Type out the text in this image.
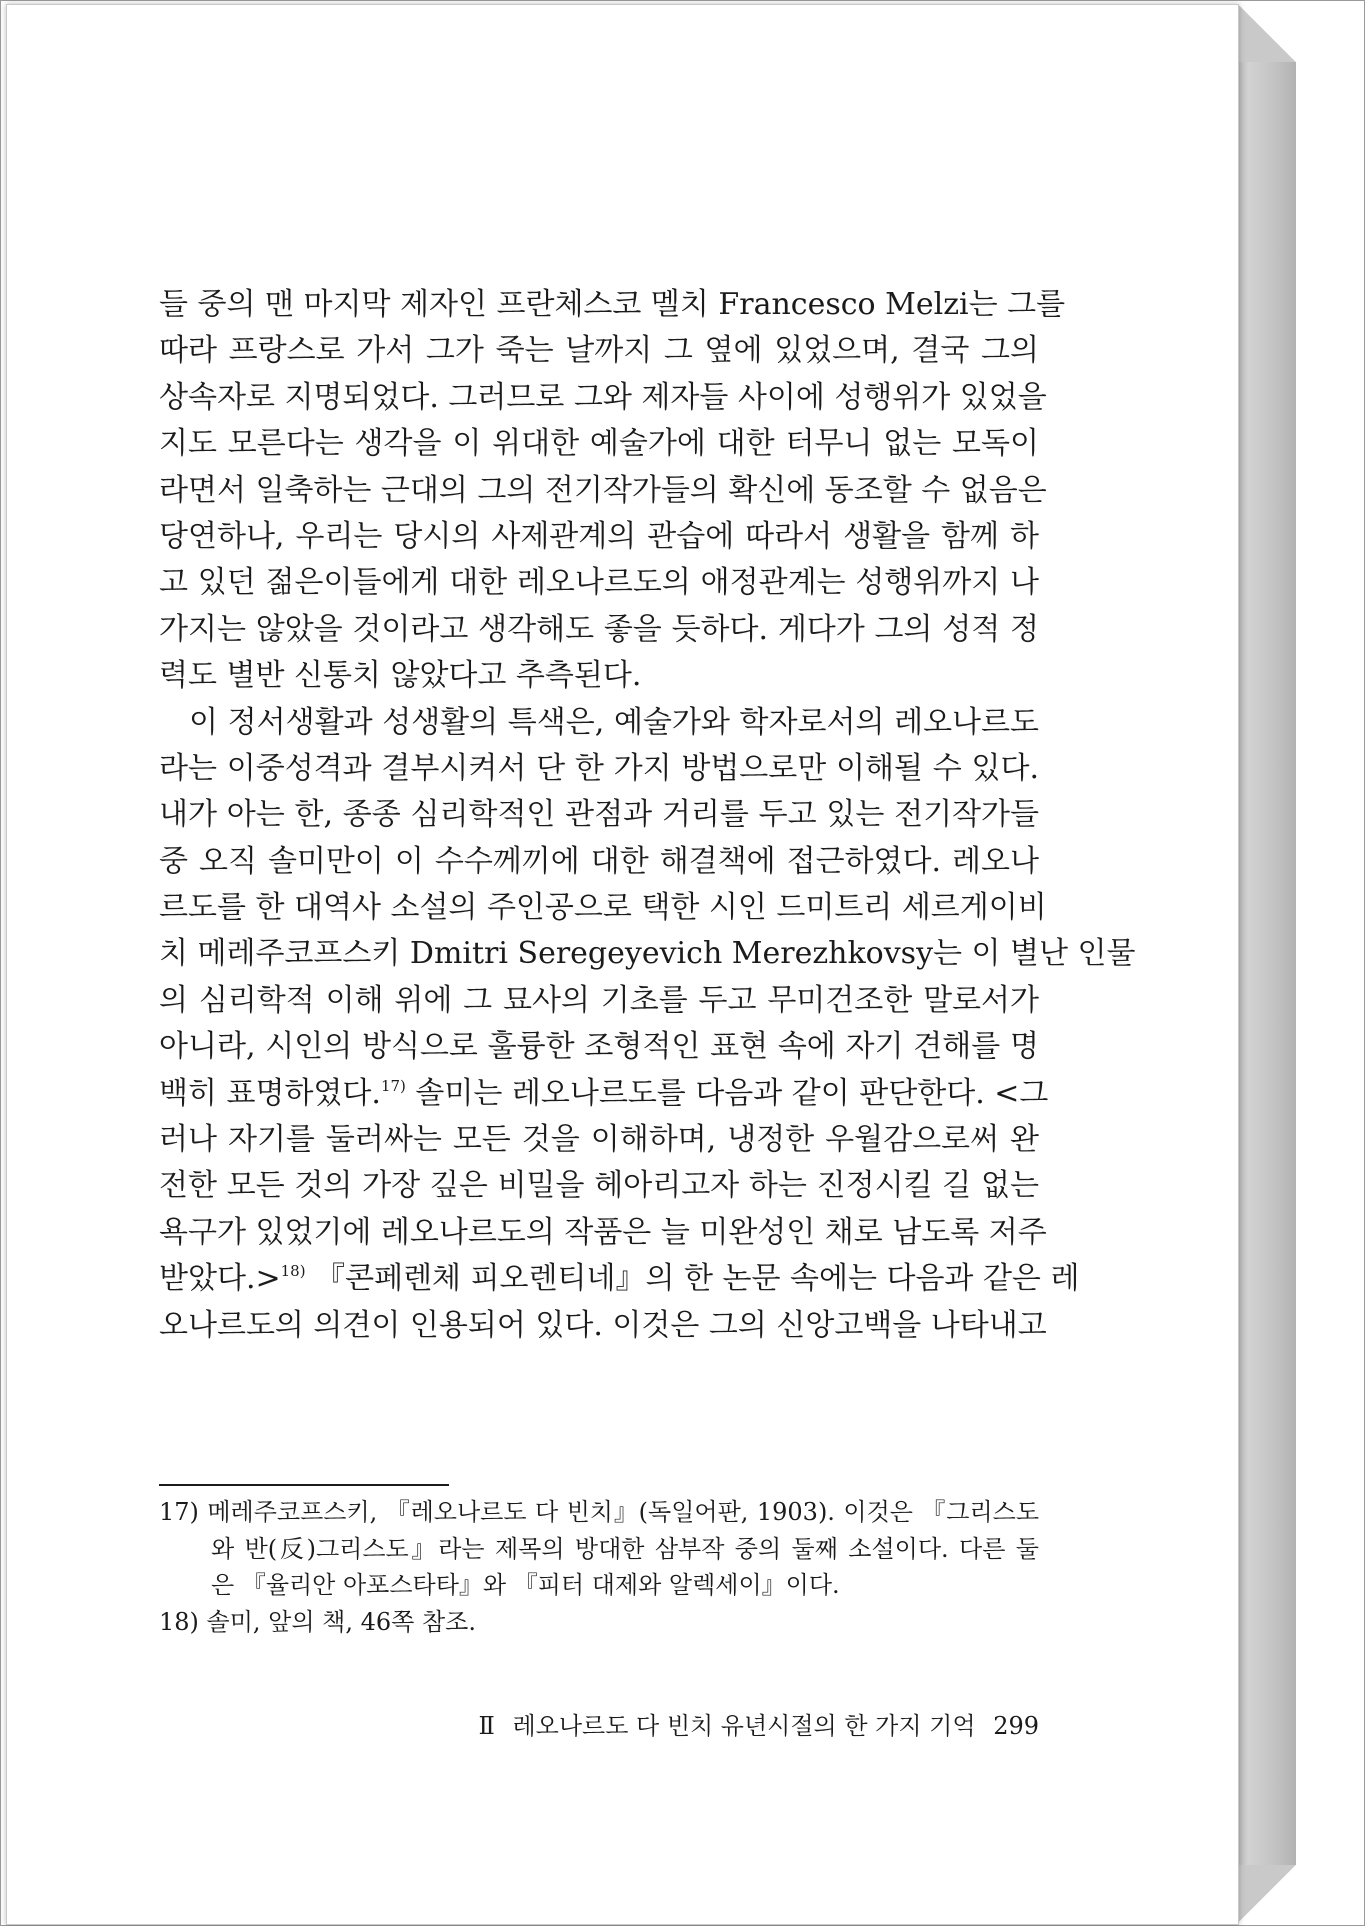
들 중의 맨 마지막 제자인 프란체스코 멜치 Francesco Melzi는 그를
따라 프랑스로 가서 그가 죽는 날까지 그 옆에 있었으며, 결국 그의
상속자로 지명되었다. 그러므로 그와 제자들 사이에 성행위가 있었을
지도 모른다는 생각을 이 위대한 예술가에 대한 터무니 없는 모독이
라면서 일축하는 근대의 그의 전기작가들의 확신에 동조할 수 없음은
당연하나, 우리는 당시의 사제관계의 관습에 따라서 생활을 함께 하
고 있던 젊은이들에게 대한 레오나르도의 애정관계는 성행위까지 나
가지는 않았을 것이라고 생각해도 좋을 듯하다. 게다가 그의 성적 정
력도 별반 신통치 않았다고 추측된다.
이 정서생활과 성생활의 특색은, 예술가와 학자로서의 레오나르도
라는 이중성격과 결부시켜서 단 한 가지 방법으로만 이해될 수 있다.
내가 아는 한, 종종 심리학적인 관점과 거리를 두고 있는 전기작가들
중 오직 솔미만이 이 수수께끼에 대한 해결책에 접근하였다. 레오나
르도를 한 대역사 소설의 주인공으로 택한 시인 드미트리 세르게이비
치 메레주코프스키 Dmitri Seregeyevich Merezhkovsy는 이 별난 인물
의 심리학적 이해 위에 그 묘사의 기초를 두고 무미건조한 말로서가
아니라, 시인의 방식으로 훌륭한 조형적인 표현 속에 자기 견해를 명
백히 표명하였다.$^{17)}$ 솔미는 레오나르도를 다음과 같이 판단한다. <그
러나 자기를 둘러싸는 모든 것을 이해하며, 냉정한 우월감으로써 완
전한 모든 것의 가장 깊은 비밀을 헤아리고자 하는 진정시킬 길 없는
욕구가 있었기에 레오나르도의 작품은 늘 미완성인 채로 남도록 저주
받았다.>$^{18)}$ 『콘페렌체 피오렌티네』의 한 논문 속에는 다음과 같은 레
오나르도의 의견이 인용되어 있다. 이것은 그의 신앙고백을 나타내고
17) 메레주코프스키, 『레오나르도 다 빈치』(독일어판, 1903). 이것은 『그리스도
와 반(反)그리스도』라는 제목의 방대한 삼부작 중의 둘째 소설이다. 다른 둘
은 『율리안 아포스타타』와 『피터 대제와 알렉세이』이다.
18) 솔미, 앞의 책, 46쪽 참조.
Ⅱ 레오나르도 다 빈치 유년시절의 한 가지 기억 299
